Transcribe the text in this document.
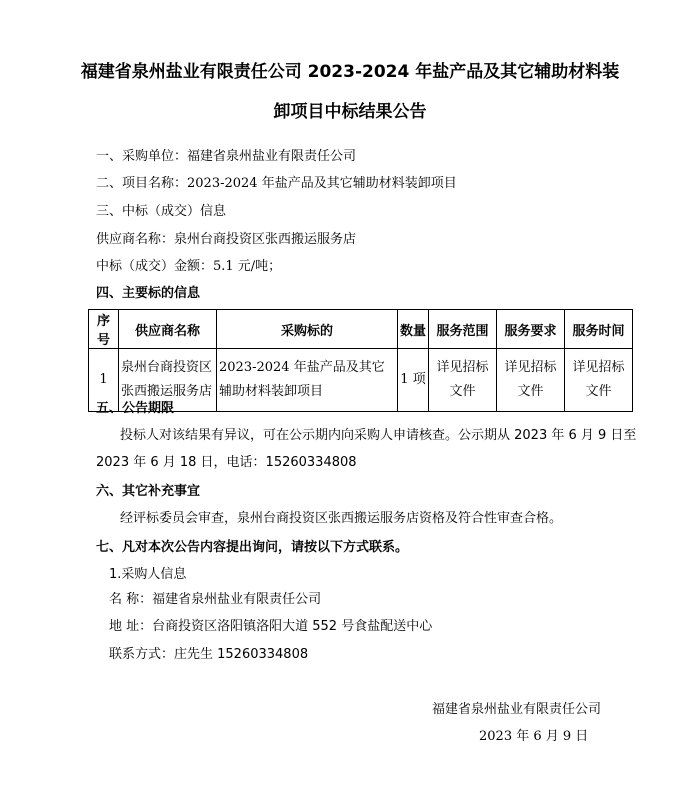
福建省泉州盐业有限责任公司 2023-2024 年盐产品及其它辅助材料装
卸项目中标结果公告
一、采购单位：福建省泉州盐业有限责任公司
二、项目名称：2023-2024 年盐产品及其它辅助材料装卸项目
三、中标（成交）信息
供应商名称：泉州台商投资区张西搬运服务店
中标（成交）金额：5.1 元/吨；
四、主要标的信息
序号	供应商名称	采购标的	数量	服务范围	服务要求	服务时间
1	泉州台商投资区张西搬运服务店	2023-2024 年盐产品及其它辅助材料装卸项目	1 项	详见招标文件	详见招标文件	详见招标文件
五、公告期限
投标人对该结果有异议，可在公示期内向采购人申请核查。公示期从 2023 年 6 月 9 日至
2023 年 6 月 18 日，电话：15260334808
六、其它补充事宜
经评标委员会审查，泉州台商投资区张西搬运服务店资格及符合性审查合格。
七、凡对本次公告内容提出询问，请按以下方式联系。
1.采购人信息
名 称：福建省泉州盐业有限责任公司
地 址：台商投资区洛阳镇洛阳大道 552 号食盐配送中心
联系方式：庄先生 15260334808
福建省泉州盐业有限责任公司
2023 年 6 月 9 日
